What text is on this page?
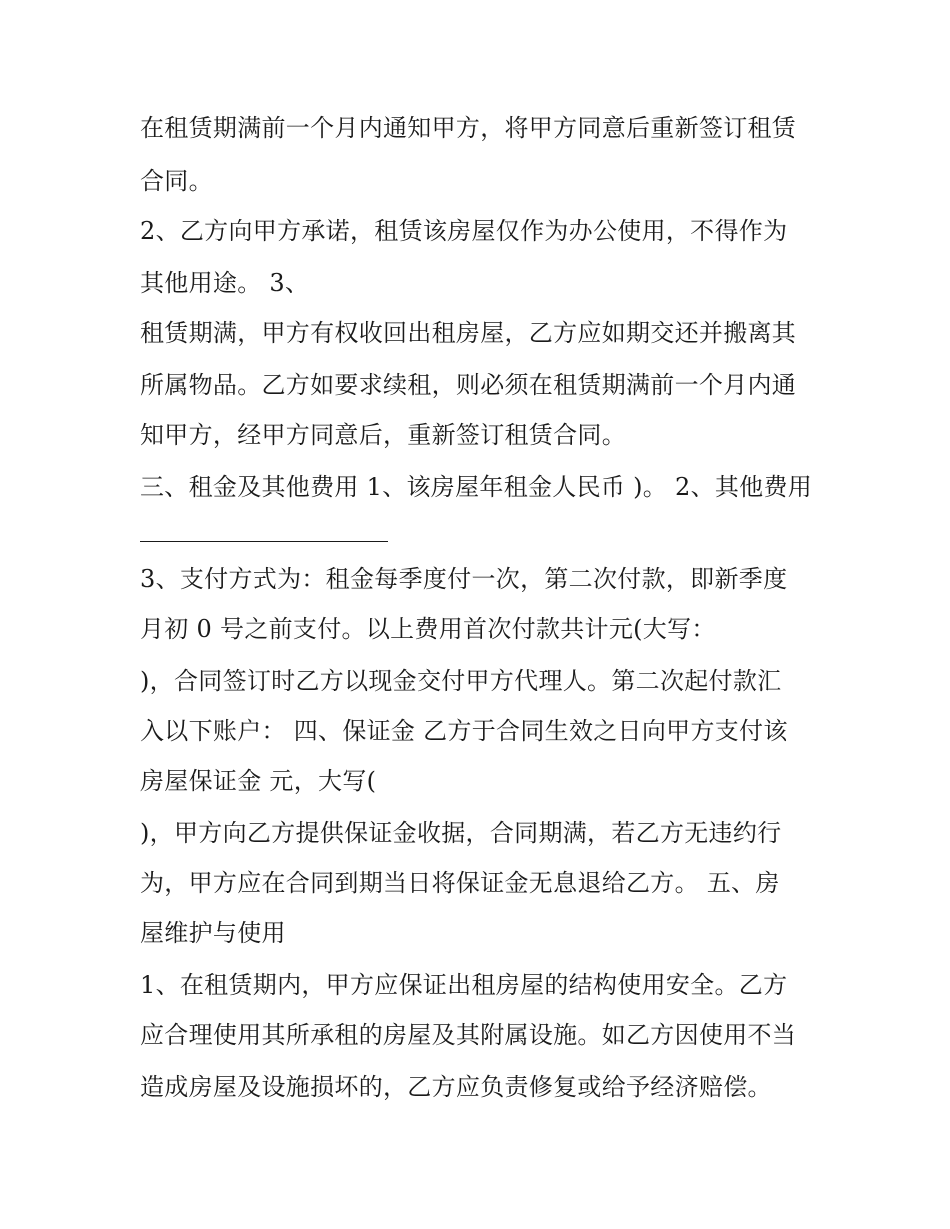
在租赁期满前一个月内通知甲方，将甲方同意后重新签订租赁

合同。

2、乙方向甲方承诺，租赁该房屋仅作为办公使用，不得作为

其他用途。 3、

租赁期满，甲方有权收回出租房屋，乙方应如期交还并搬离其

所属物品。乙方如要求续租，则必须在租赁期满前一个月内通

知甲方，经甲方同意后，重新签订租赁合同。

三、租金及其他费用 1、该房屋年租金人民币 )。 2、其他费用

3、支付方式为：租金每季度付一次，第二次付款，即新季度

月初 0 号之前支付。以上费用首次付款共计元(大写：

)，合同签订时乙方以现金交付甲方代理人。第二次起付款汇

入以下账户： 四、保证金 乙方于合同生效之日向甲方支付该

房屋保证金 元，大写(

)，甲方向乙方提供保证金收据，合同期满，若乙方无违约行

为，甲方应在合同到期当日将保证金无息退给乙方。 五、房

屋维护与使用

1、在租赁期内，甲方应保证出租房屋的结构使用安全。乙方

应合理使用其所承租的房屋及其附属设施。如乙方因使用不当

造成房屋及设施损坏的，乙方应负责修复或给予经济赔偿。
